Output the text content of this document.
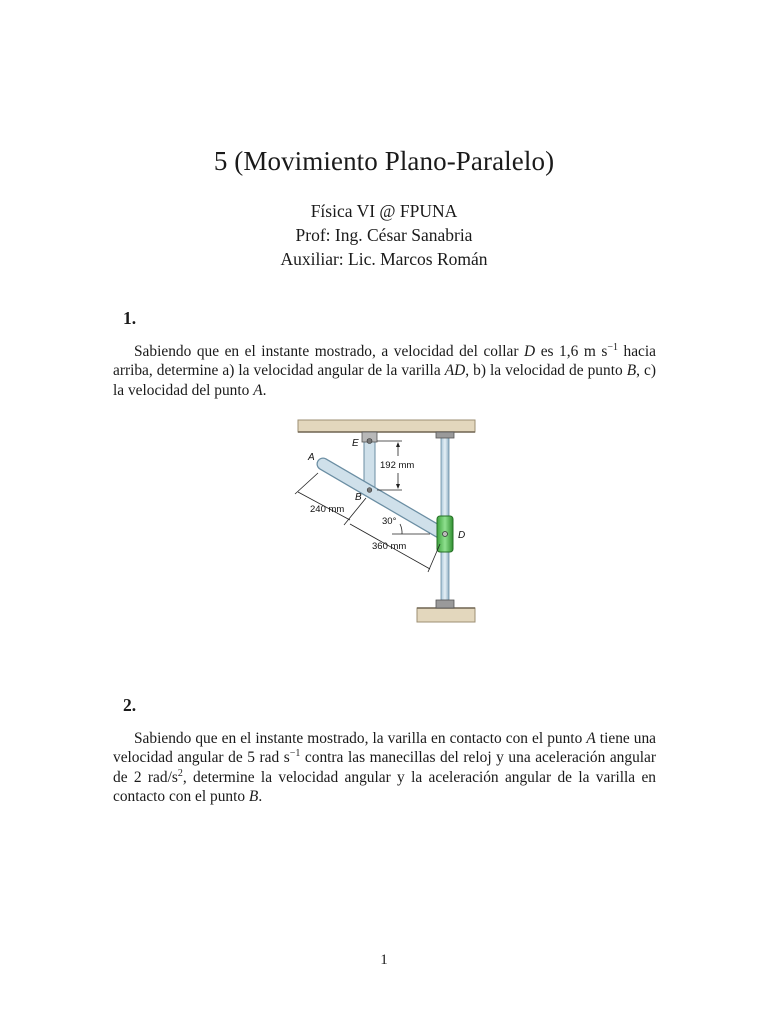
5 (Movimiento Plano-Paralelo)
Física VI @ FPUNA
Prof: Ing. César Sanabria
Auxiliar: Lic. Marcos Román
1.
Sabiendo que en el instante mostrado, a velocidad del collar D es 1,6 m $s^{-1}$ hacia arriba, determine a) la velocidad angular de la varilla AD, b) la velocidad de punto B, c) la velocidad del punto A.
192 mm
240 mm
360 mm
30°
A
B
D
E
2.
Sabiendo que en el instante mostrado, la varilla en contacto con el punto A tiene una velocidad angular de 5 rad $s^{-1}$ contra las manecillas del reloj y una aceleración angular de 2 rad/$s^2$, determine la velocidad angular y la aceleración angular de la varilla en contacto con el punto B.
1
